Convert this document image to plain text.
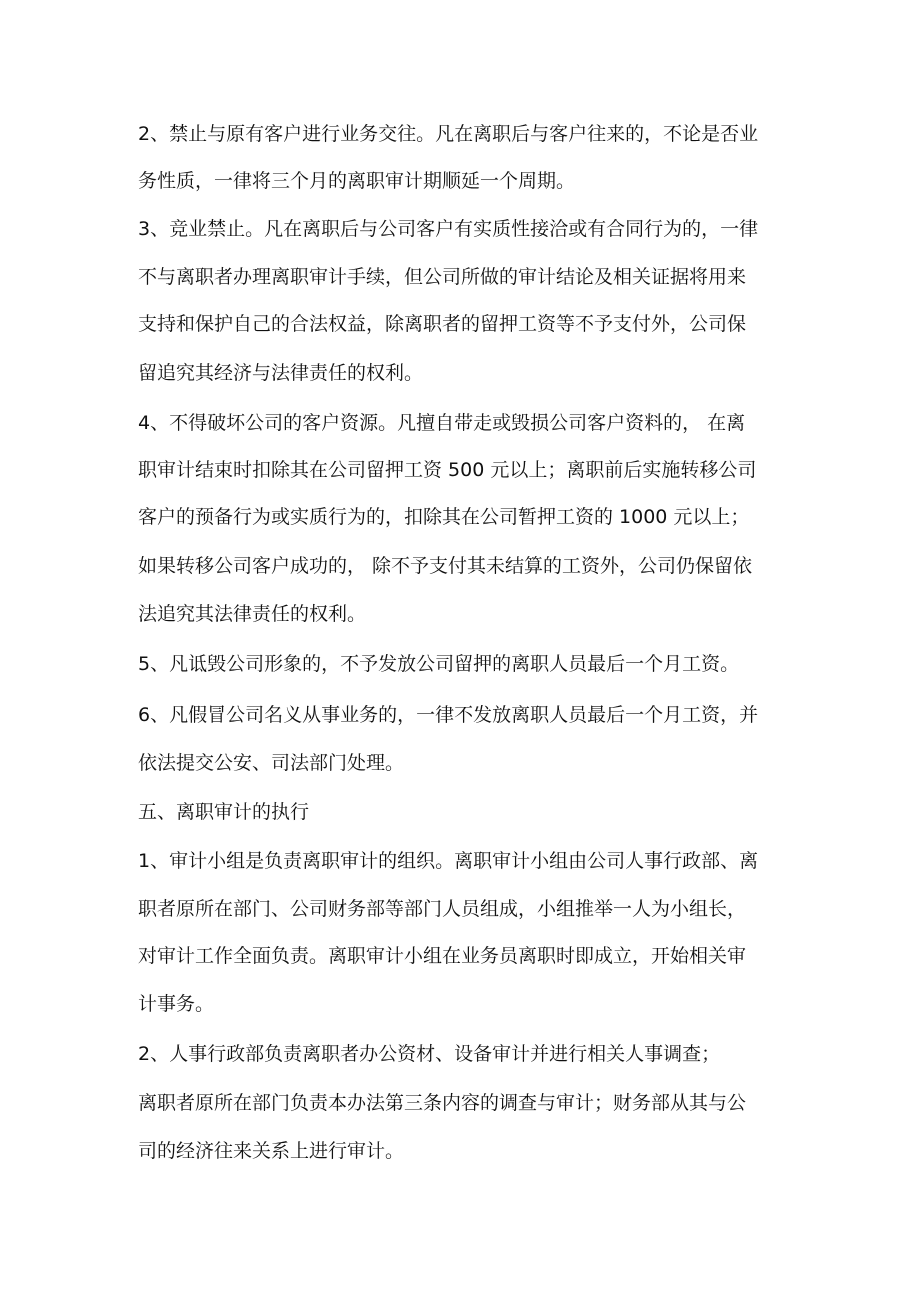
2、禁止与原有客户进行业务交往。凡在离职后与客户往来的，不论是否业

务性质，一律将三个月的离职审计期顺延一个周期。

3、竞业禁止。凡在离职后与公司客户有实质性接洽或有合同行为的，一律

不与离职者办理离职审计手续，但公司所做的审计结论及相关证据将用来

支持和保护自己的合法权益，除离职者的留押工资等不予支付外，公司保

留追究其经济与法律责任的权利。

4、不得破坏公司的客户资源。凡擅自带走或毁损公司客户资料的， 在离

职审计结束时扣除其在公司留押工资 500 元以上；离职前后实施转移公司

客户的预备行为或实质行为的，扣除其在公司暂押工资的 1000 元以上；

如果转移公司客户成功的， 除不予支付其未结算的工资外，公司仍保留依

法追究其法律责任的权利。

5、凡诋毁公司形象的，不予发放公司留押的离职人员最后一个月工资。

6、凡假冒公司名义从事业务的，一律不发放离职人员最后一个月工资，并

依法提交公安、司法部门处理。

五、离职审计的执行

1、审计小组是负责离职审计的组织。离职审计小组由公司人事行政部、离

职者原所在部门、公司财务部等部门人员组成，小组推举一人为小组长，

对审计工作全面负责。离职审计小组在业务员离职时即成立，开始相关审

计事务。

2、人事行政部负责离职者办公资材、设备审计并进行相关人事调查；

离职者原所在部门负责本办法第三条内容的调查与审计；财务部从其与公

司的经济往来关系上进行审计。
